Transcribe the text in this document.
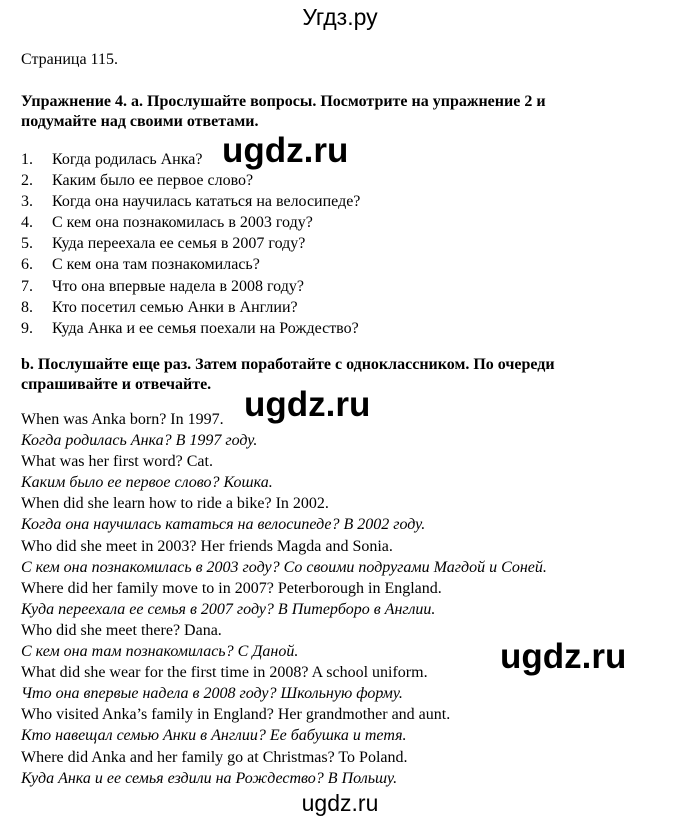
Угдз.ру
Страница 115.
Упражнение 4. а. Прослушайте вопросы. Посмотрите на упражнение 2 и подумайте над своими ответами.
1. Когда родилась Анка?
2. Каким было ее первое слово?
3. Когда она научилась кататься на велосипеде?
4. С кем она познакомилась в 2003 году?
5. Куда переехала ее семья в 2007 году?
6. С кем она там познакомилась?
7. Что она впервые надела в 2008 году?
8. Кто посетил семью Анки в Англии?
9. Куда Анка и ее семья поехали на Рождество?
b. Послушайте еще раз. Затем поработайте с одноклассником. По очереди спрашивайте и отвечайте.
When was Anka born? In 1997.
Когда родилась Анка? В 1997 году.
What was her first word? Cat.
Каким было ее первое слово? Кошка.
When did she learn how to ride a bike? In 2002.
Когда она научилась кататься на велосипеде? В 2002 году.
Who did she meet in 2003? Her friends Magda and Sonia.
С кем она познакомилась в 2003 году? Со своими подругами Магдой и Соней.
Where did her family move to in 2007? Peterborough in England.
Куда переехала ее семья в 2007 году? В Питерборо в Англии.
Who did she meet there? Dana.
С кем она там познакомилась? С Даной.
What did she wear for the first time in 2008? A school uniform.
Что она впервые надела в 2008 году? Школьную форму.
Who visited Anka’s family in England? Her grandmother and aunt.
Кто навещал семью Анки в Англии? Ее бабушка и тетя.
Where did Anka and her family go at Christmas? To Poland.
Куда Анка и ее семья ездили на Рождество? В Польшу.
ugdz.ru
ugdz.ru
ugdz.ru
ugdz.ru
